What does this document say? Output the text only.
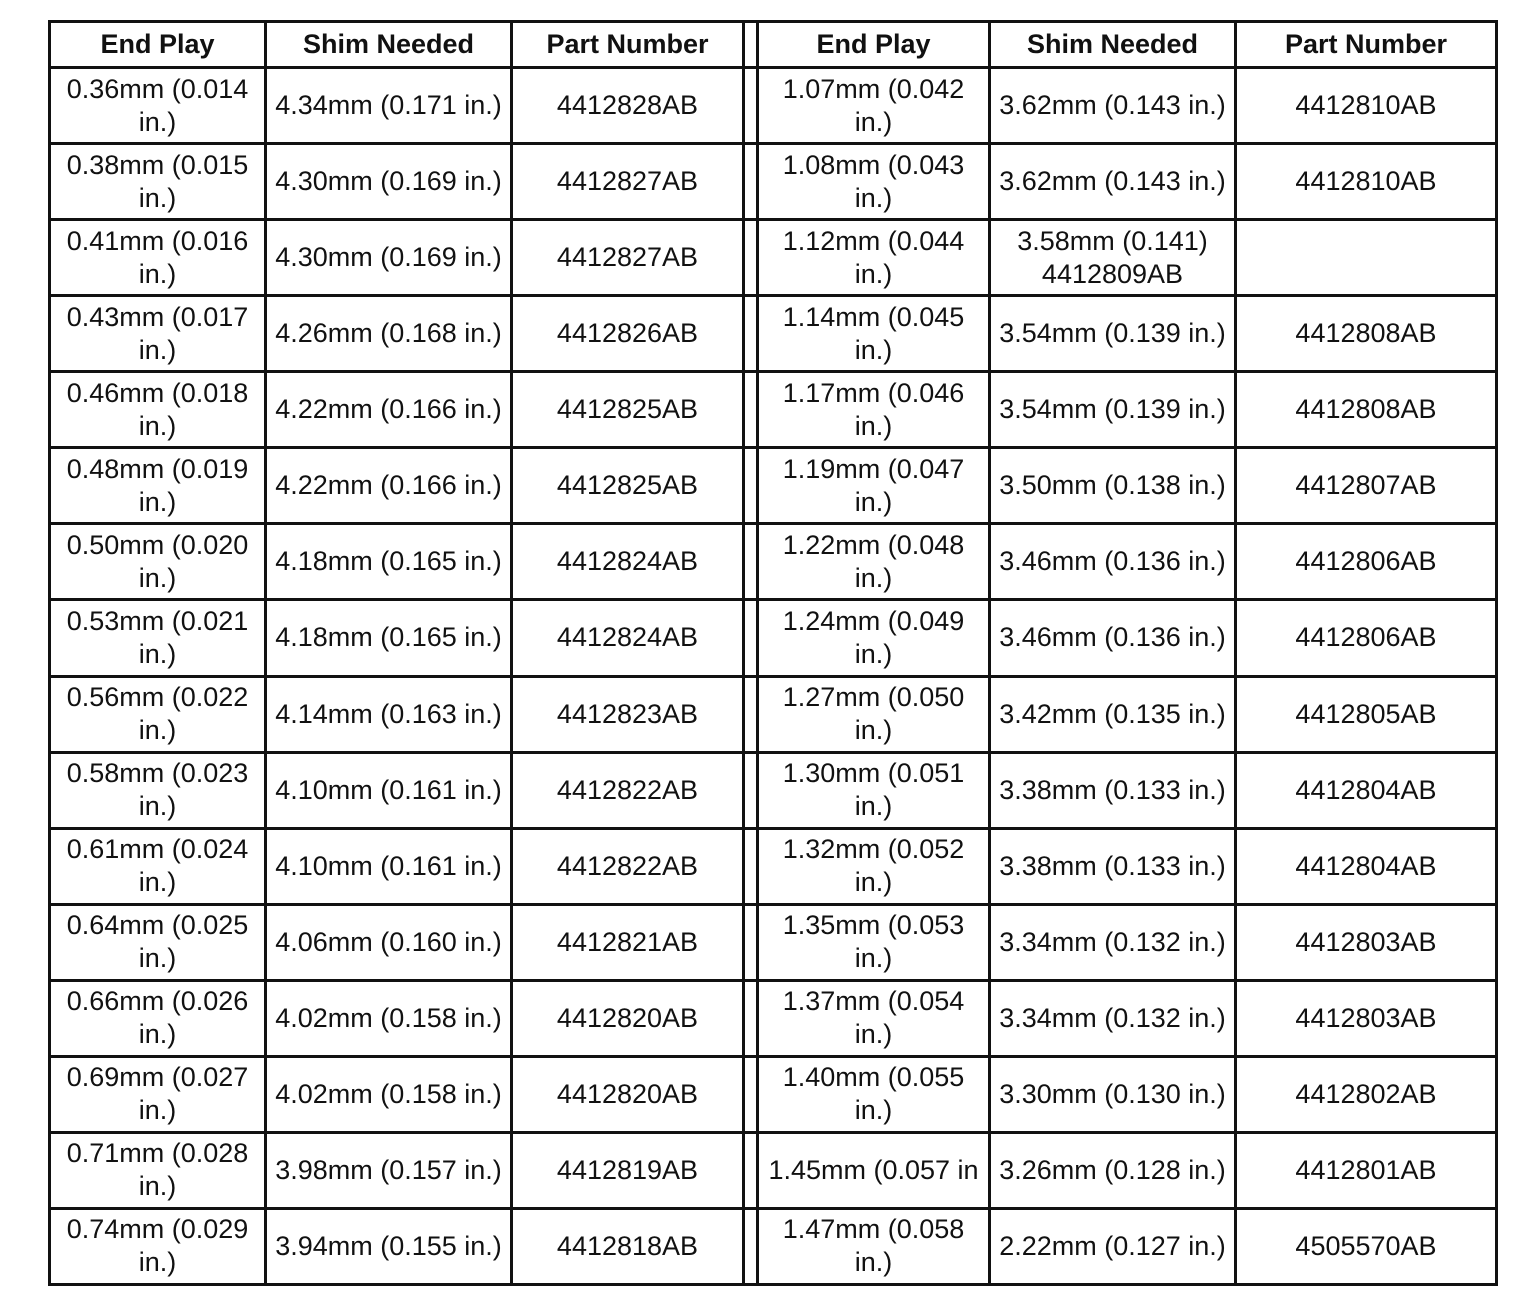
End Play	Shim Needed	Part Number		End Play	Shim Needed	Part Number
0.36mm (0.014 in.)	4.34mm (0.171 in.)	4412828AB		1.07mm (0.042 in.)	3.62mm (0.143 in.)	4412810AB
0.38mm (0.015 in.)	4.30mm (0.169 in.)	4412827AB		1.08mm (0.043 in.)	3.62mm (0.143 in.)	4412810AB
0.41mm (0.016 in.)	4.30mm (0.169 in.)	4412827AB		1.12mm (0.044 in.)	3.58mm (0.141) 4412809AB	
0.43mm (0.017 in.)	4.26mm (0.168 in.)	4412826AB		1.14mm (0.045 in.)	3.54mm (0.139 in.)	4412808AB
0.46mm (0.018 in.)	4.22mm (0.166 in.)	4412825AB		1.17mm (0.046 in.)	3.54mm (0.139 in.)	4412808AB
0.48mm (0.019 in.)	4.22mm (0.166 in.)	4412825AB		1.19mm (0.047 in.)	3.50mm (0.138 in.)	4412807AB
0.50mm (0.020 in.)	4.18mm (0.165 in.)	4412824AB		1.22mm (0.048 in.)	3.46mm (0.136 in.)	4412806AB
0.53mm (0.021 in.)	4.18mm (0.165 in.)	4412824AB		1.24mm (0.049 in.)	3.46mm (0.136 in.)	4412806AB
0.56mm (0.022 in.)	4.14mm (0.163 in.)	4412823AB		1.27mm (0.050 in.)	3.42mm (0.135 in.)	4412805AB
0.58mm (0.023 in.)	4.10mm (0.161 in.)	4412822AB		1.30mm (0.051 in.)	3.38mm (0.133 in.)	4412804AB
0.61mm (0.024 in.)	4.10mm (0.161 in.)	4412822AB		1.32mm (0.052 in.)	3.38mm (0.133 in.)	4412804AB
0.64mm (0.025 in.)	4.06mm (0.160 in.)	4412821AB		1.35mm (0.053 in.)	3.34mm (0.132 in.)	4412803AB
0.66mm (0.026 in.)	4.02mm (0.158 in.)	4412820AB		1.37mm (0.054 in.)	3.34mm (0.132 in.)	4412803AB
0.69mm (0.027 in.)	4.02mm (0.158 in.)	4412820AB		1.40mm (0.055 in.)	3.30mm (0.130 in.)	4412802AB
0.71mm (0.028 in.)	3.98mm (0.157 in.)	4412819AB		1.45mm (0.057 in	3.26mm (0.128 in.)	4412801AB
0.74mm (0.029 in.)	3.94mm (0.155 in.)	4412818AB		1.47mm (0.058 in.)	2.22mm (0.127 in.)	4505570AB
